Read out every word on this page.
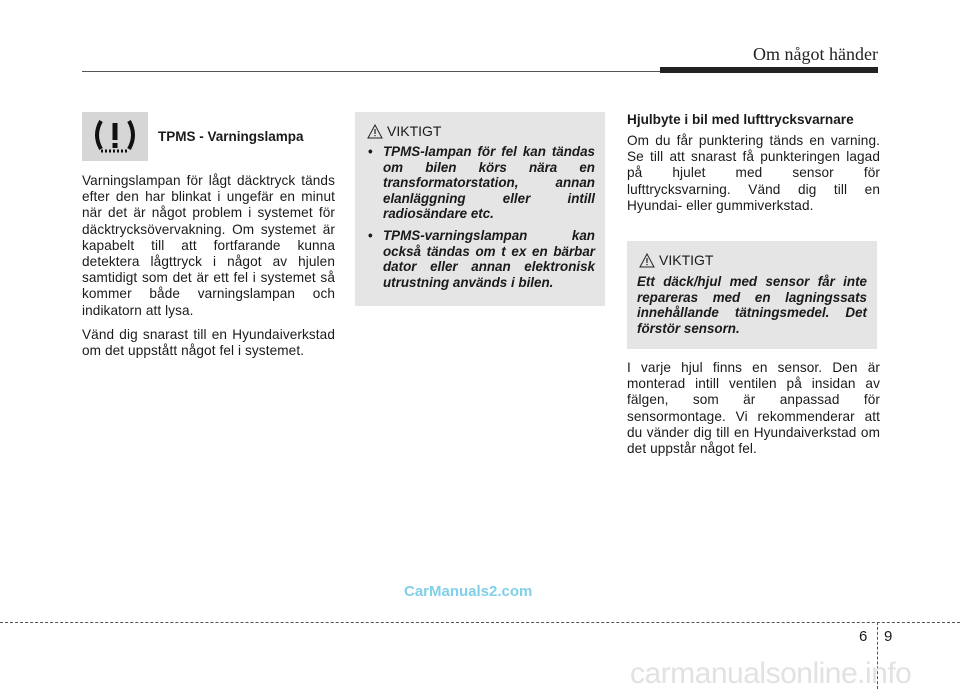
Om något händer
TPMS - Varningslampa

Varningslampan för lågt däcktryck tänds efter den har blinkat i ungefär en minut när det är något problem i systemet för däcktrycksövervakning. Om systemet är kapabelt till att fortfarande kunna detektera lågttryck i något av hjulen samtidigt som det är ett fel i systemet så kommer både varningslampan och indikatorn att lysa.

Vänd dig snarast till en Hyundaiverkstad om det uppstått något fel i systemet.

VIKTIGT
• TPMS-lampan för fel kan tändas om bilen körs nära en transformatorstation, annan elanläggning eller intill radiosändare etc.
• TPMS-varningslampan kan också tändas om t ex en bärbar dator eller annan elektronisk utrustning används i bilen.

Hjulbyte i bil med lufttrycksvarnare

Om du får punktering tänds en varning. Se till att snarast få punkteringen lagad på hjulet med sensor för lufttrycksvarning. Vänd dig till en Hyundai- eller gummiverkstad.

VIKTIGT

Ett däck/hjul med sensor får inte repareras med en lagningssats innehållande tätningsmedel. Det förstör sensorn.

I varje hjul finns en sensor. Den är monterad intill ventilen på insidan av fälgen, som är anpassad för sensormontage. Vi rekommenderar att du vänder dig till en Hyundaiverkstad om det uppstår något fel.

CarManuals2.com
6 9
carmanualsonline.info
